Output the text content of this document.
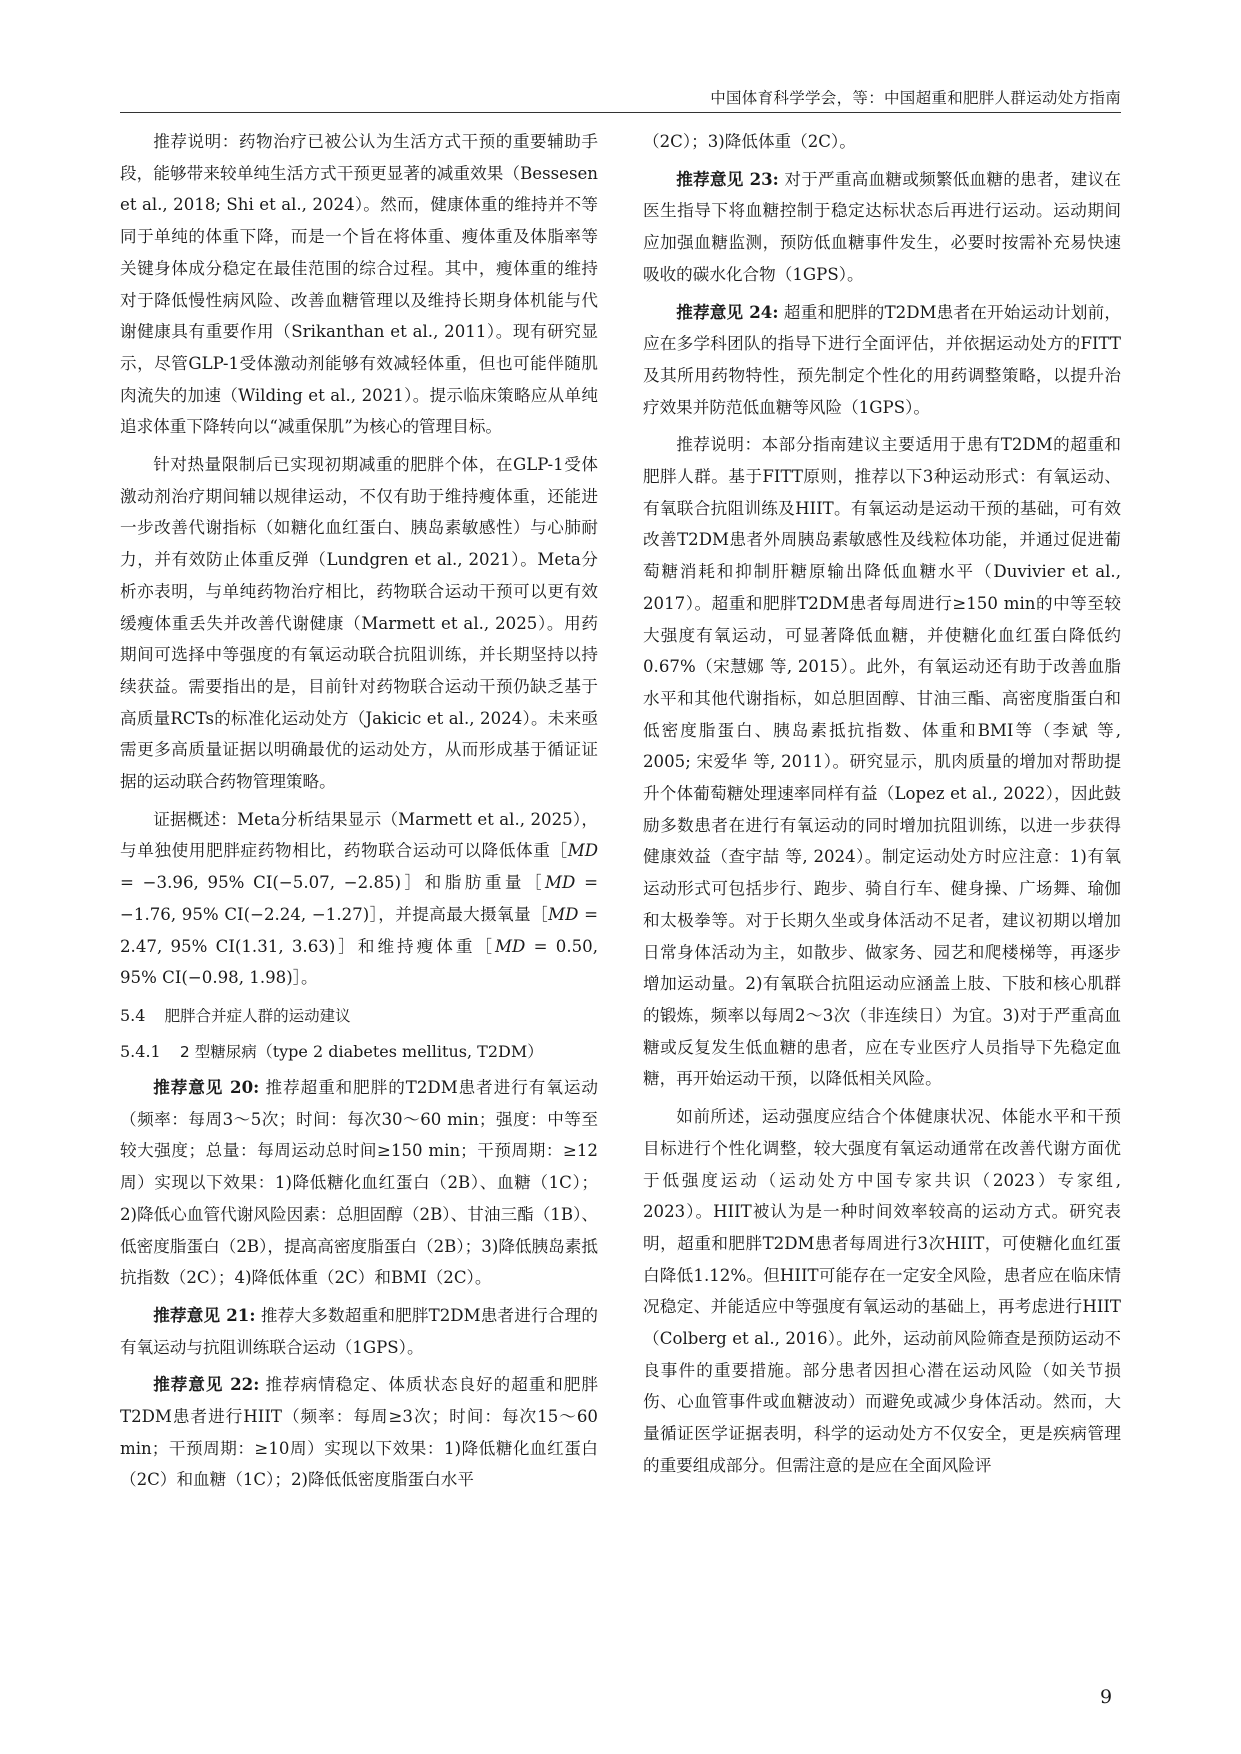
中国体育科学学会，等：中国超重和肥胖人群运动处方指南

推荐说明：药物治疗已被公认为生活方式干预的重要辅助手段，能够带来较单纯生活方式干预更显著的减重效果（Bessesen et al., 2018; Shi et al., 2024）。然而，健康体重的维持并不等同于单纯的体重下降，而是一个旨在将体重、瘦体重及体脂率等关键身体成分稳定在最佳范围的综合过程。其中，瘦体重的维持对于降低慢性病风险、改善血糖管理以及维持长期身体机能与代谢健康具有重要作用（Srikanthan et al., 2011）。现有研究显示，尽管GLP-1受体激动剂能够有效减轻体重，但也可能伴随肌肉流失的加速（Wilding et al., 2021）。提示临床策略应从单纯追求体重下降转向以“减重保肌”为核心的管理目标。

针对热量限制后已实现初期减重的肥胖个体，在GLP-1受体激动剂治疗期间辅以规律运动，不仅有助于维持瘦体重，还能进一步改善代谢指标（如糖化血红蛋白、胰岛素敏感性）与心肺耐力，并有效防止体重反弹（Lundgren et al., 2021）。Meta分析亦表明，与单纯药物治疗相比，药物联合运动干预可以更有效缓瘦体重丢失并改善代谢健康（Marmett et al., 2025）。用药期间可选择中等强度的有氧运动联合抗阻训练，并长期坚持以持续获益。需要指出的是，目前针对药物联合运动干预仍缺乏基于高质量RCTs的标准化运动处方（Jakicic et al., 2024）。未来亟需更多高质量证据以明确最优的运动处方，从而形成基于循证证据的运动联合药物管理策略。

证据概述：Meta分析结果显示（Marmett et al., 2025），与单独使用肥胖症药物相比，药物联合运动可以降低体重［MD = −3.96, 95% CI(−5.07, −2.85)］和脂肪重量［MD = −1.76, 95% CI(−2.24, −1.27)］，并提高最大摄氧量［MD = 2.47, 95% CI(1.31, 3.63)］和维持瘦体重［MD = 0.50, 95% CI(−0.98, 1.98)］。

5.4 肥胖合并症人群的运动建议
5.4.1 2 型糖尿病（type 2 diabetes mellitus, T2DM）

推荐意见 20: 推荐超重和肥胖的T2DM患者进行有氧运动（频率：每周3～5次；时间：每次30～60 min；强度：中等至较大强度；总量：每周运动总时间≥150 min；干预周期：≥12周）实现以下效果：1)降低糖化血红蛋白（2B）、血糖（1C）；2)降低心血管代谢风险因素：总胆固醇（2B）、甘油三酯（1B）、低密度脂蛋白（2B），提高高密度脂蛋白（2B）；3)降低胰岛素抵抗指数（2C）；4)降低体重（2C）和BMI（2C）。

推荐意见 21: 推荐大多数超重和肥胖T2DM患者进行合理的有氧运动与抗阻训练联合运动（1GPS）。

推荐意见 22: 推荐病情稳定、体质状态良好的超重和肥胖T2DM患者进行HIIT（频率：每周≥3次；时间：每次15～60 min；干预周期：≥10周）实现以下效果：1)降低糖化血红蛋白（2C）和血糖（1C）；2)降低低密度脂蛋白水平

（2C）；3)降低体重（2C）。

推荐意见 23: 对于严重高血糖或频繁低血糖的患者，建议在医生指导下将血糖控制于稳定达标状态后再进行运动。运动期间应加强血糖监测，预防低血糖事件发生，必要时按需补充易快速吸收的碳水化合物（1GPS）。

推荐意见 24: 超重和肥胖的T2DM患者在开始运动计划前，应在多学科团队的指导下进行全面评估，并依据运动处方的FITT及其所用药物特性，预先制定个性化的用药调整策略，以提升治疗效果并防范低血糖等风险（1GPS）。

推荐说明：本部分指南建议主要适用于患有T2DM的超重和肥胖人群。基于FITT原则，推荐以下3种运动形式：有氧运动、有氧联合抗阻训练及HIIT。有氧运动是运动干预的基础，可有效改善T2DM患者外周胰岛素敏感性及线粒体功能，并通过促进葡萄糖消耗和抑制肝糖原输出降低血糖水平（Duvivier et al., 2017）。超重和肥胖T2DM患者每周进行≥150 min的中等至较大强度有氧运动，可显著降低血糖，并使糖化血红蛋白降低约0.67%（宋慧娜 等, 2015）。此外，有氧运动还有助于改善血脂水平和其他代谢指标，如总胆固醇、甘油三酯、高密度脂蛋白和低密度脂蛋白、胰岛素抵抗指数、体重和BMI等（李斌 等, 2005; 宋爱华 等, 2011）。研究显示，肌肉质量的增加对帮助提升个体葡萄糖处理速率同样有益（Lopez et al., 2022），因此鼓励多数患者在进行有氧运动的同时增加抗阻训练，以进一步获得健康效益（查宇喆 等, 2024）。制定运动处方时应注意：1)有氧运动形式可包括步行、跑步、骑自行车、健身操、广场舞、瑜伽和太极拳等。对于长期久坐或身体活动不足者，建议初期以增加日常身体活动为主，如散步、做家务、园艺和爬楼梯等，再逐步增加运动量。2)有氧联合抗阻运动应涵盖上肢、下肢和核心肌群的锻炼，频率以每周2～3次（非连续日）为宜。3)对于严重高血糖或反复发生低血糖的患者，应在专业医疗人员指导下先稳定血糖，再开始运动干预，以降低相关风险。

如前所述，运动强度应结合个体健康状况、体能水平和干预目标进行个性化调整，较大强度有氧运动通常在改善代谢方面优于低强度运动（运动处方中国专家共识（2023）专家组, 2023）。HIIT被认为是一种时间效率较高的运动方式。研究表明，超重和肥胖T2DM患者每周进行3次HIIT，可使糖化血红蛋白降低1.12%。但HIIT可能存在一定安全风险，患者应在临床情况稳定、并能适应中等强度有氧运动的基础上，再考虑进行HIIT（Colberg et al., 2016）。此外，运动前风险筛查是预防运动不良事件的重要措施。部分患者因担心潜在运动风险（如关节损伤、心血管事件或血糖波动）而避免或减少身体活动。然而，大量循证医学证据表明，科学的运动处方不仅安全，更是疾病管理的重要组成部分。但需注意的是应在全面风险评

9
